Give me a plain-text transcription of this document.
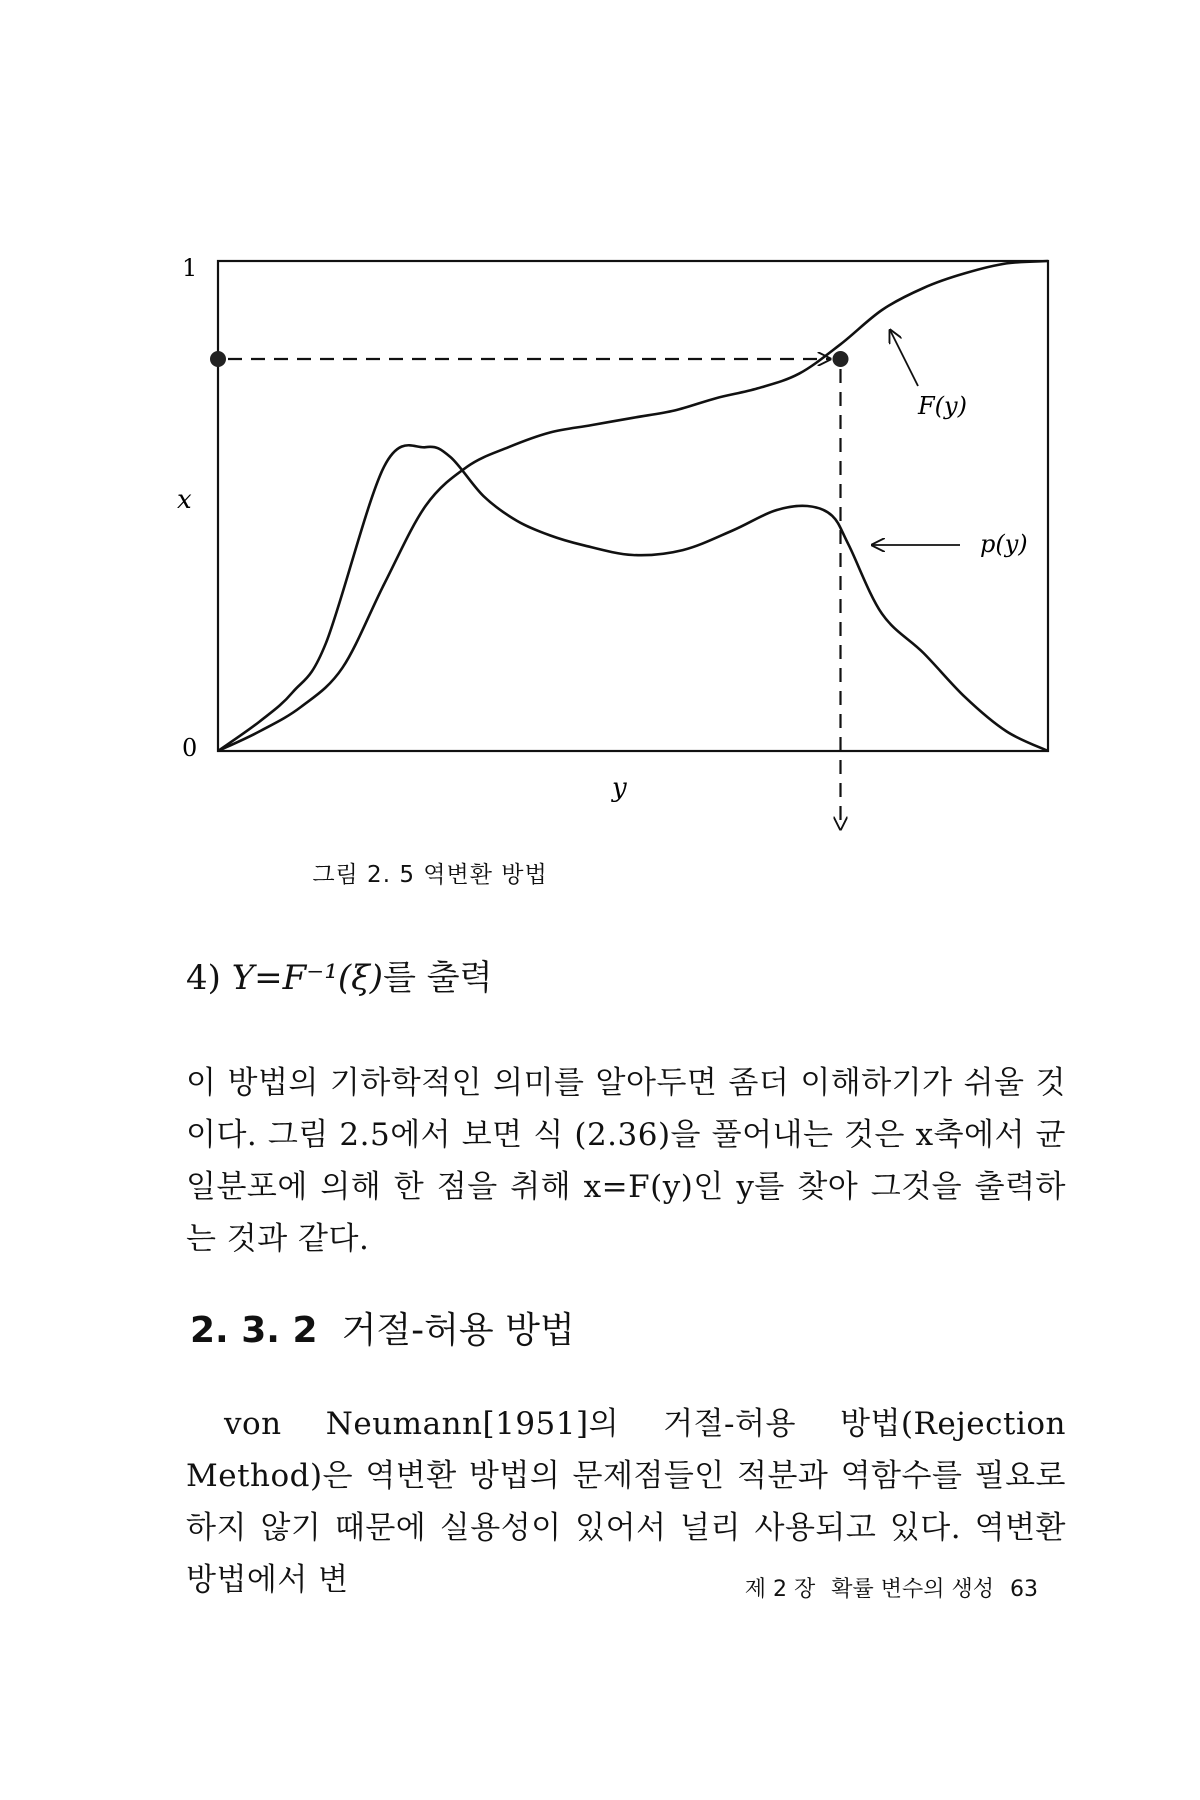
1
0
x
y
F(y)
p(y)
그림 2. 5 역변환 방법
4) Y=F⁻¹(ξ)를 출력
이 방법의 기하학적인 의미를 알아두면 좀더 이해하기가 쉬울 것이다. 그림 2.5에서 보면 식 (2.36)을 풀어내는 것은 x축에서 균일분포에 의해 한 점을 취해 x=F(y)인 y를 찾아 그것을 출력하는 것과 같다.
2. 3. 2 거절-허용 방법
von Neumann[1951]의 거절-허용 방법(Rejection Method)은 역변환 방법의 문제점들인 적분과 역함수를 필요로 하지 않기 때문에 실용성이 있어서 널리 사용되고 있다. 역변환 방법에서 변	제 2 장 확률 변수의 생성 63
